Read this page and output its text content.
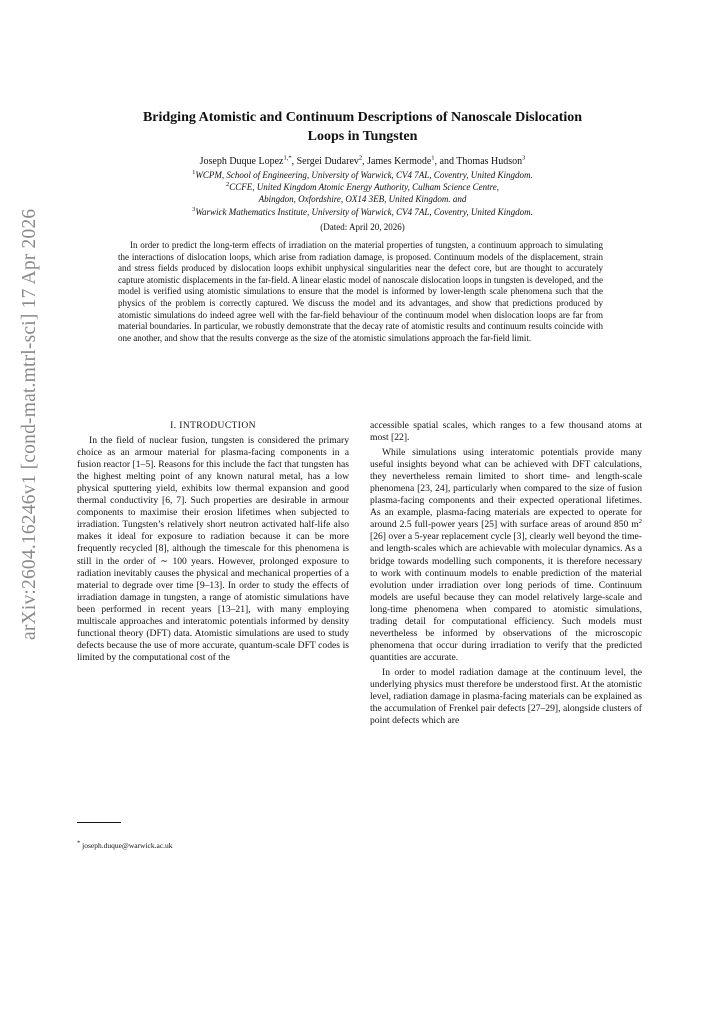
arXiv:2604.16246v1 [cond-mat.mtrl-sci] 17 Apr 2026
Bridging Atomistic and Continuum Descriptions of Nanoscale Dislocation
Loops in Tungsten
Joseph Duque Lopez$^{1,*}$, Sergei Dudarev$^2$, James Kermode$^1$, and Thomas Hudson$^3$
$^1$WCPM, School of Engineering, University of Warwick, CV4 7AL, Coventry, United Kingdom.
$^2$CCFE, United Kingdom Atomic Energy Authority, Culham Science Centre,
Abingdon, Oxfordshire, OX14 3EB, United Kingdom. and
$^3$Warwick Mathematics Institute, University of Warwick, CV4 7AL, Coventry, United Kingdom.
(Dated: April 20, 2026)
In order to predict the long-term effects of irradiation on the material properties of tungsten, a continuum approach to simulating the interactions of dislocation loops, which arise from radiation damage, is proposed. Continuum models of the displacement, strain and stress fields produced by dislocation loops exhibit unphysical singularities near the defect core, but are thought to accurately capture atomistic displacements in the far-field. A linear elastic model of nanoscale dislocation loops in tungsten is developed, and the model is verified using atomistic simulations to ensure that the model is informed by lower-length scale phenomena such that the physics of the problem is correctly captured. We discuss the model and its advantages, and show that predictions produced by atomistic simulations do indeed agree well with the far-field behaviour of the continuum model when dislocation loops are far from material boundaries. In particular, we robustly demonstrate that the decay rate of atomistic results and continuum results coincide with one another, and show that the results converge as the size of the atomistic simulations approach the far-field limit.

I. INTRODUCTION

In the field of nuclear fusion, tungsten is considered the primary choice as an armour material for plasma-facing components in a fusion reactor [1–5]. Reasons for this include the fact that tungsten has the highest melting point of any known natural metal, has a low physical sputtering yield, exhibits low thermal expansion and good thermal conductivity [6, 7]. Such properties are desirable in armour components to maximise their erosion lifetimes when subjected to irradiation. Tungsten’s relatively short neutron activated half-life also makes it ideal for exposure to radiation because it can be more frequently recycled [8], although the timescale for this phenomena is still in the order of ∼ 100 years. However, prolonged exposure to radiation inevitably causes the physical and mechanical properties of a material to degrade over time [9–13]. In order to study the effects of irradiation damage in tungsten, a range of atomistic simulations have been performed in recent years [13–21], with many employing multiscale approaches and interatomic potentials informed by density functional theory (DFT) data. Atomistic simulations are used to study defects because the use of more accurate, quantum-scale DFT codes is limited by the computational cost of the

accessible spatial scales, which ranges to a few thousand atoms at most [22].

While simulations using interatomic potentials provide many useful insights beyond what can be achieved with DFT calculations, they nevertheless remain limited to short time- and length-scale phenomena [23, 24], particularly when compared to the size of fusion plasma-facing components and their expected operational lifetimes. As an example, plasma-facing materials are expected to operate for around 2.5 full-power years [25] with surface areas of around 850 $m^2$ [26] over a 5-year replacement cycle [3], clearly well beyond the time- and length-scales which are achievable with molecular dynamics. As a bridge towards modelling such components, it is therefore necessary to work with continuum models to enable prediction of the material evolution under irradiation over long periods of time. Continuum models are useful because they can model relatively large-scale and long-time phenomena when compared to atomistic simulations, trading detail for computational efficiency. Such models must nevertheless be informed by observations of the microscopic phenomena that occur during irradiation to verify that the predicted quantities are accurate.

In order to model radiation damage at the continuum level, the underlying physics must therefore be understood first. At the atomistic level, radiation damage in plasma-facing materials can be explained as the accumulation of Frenkel pair defects [27–29], alongside clusters of point defects which are

* joseph.duque@warwick.ac.uk
